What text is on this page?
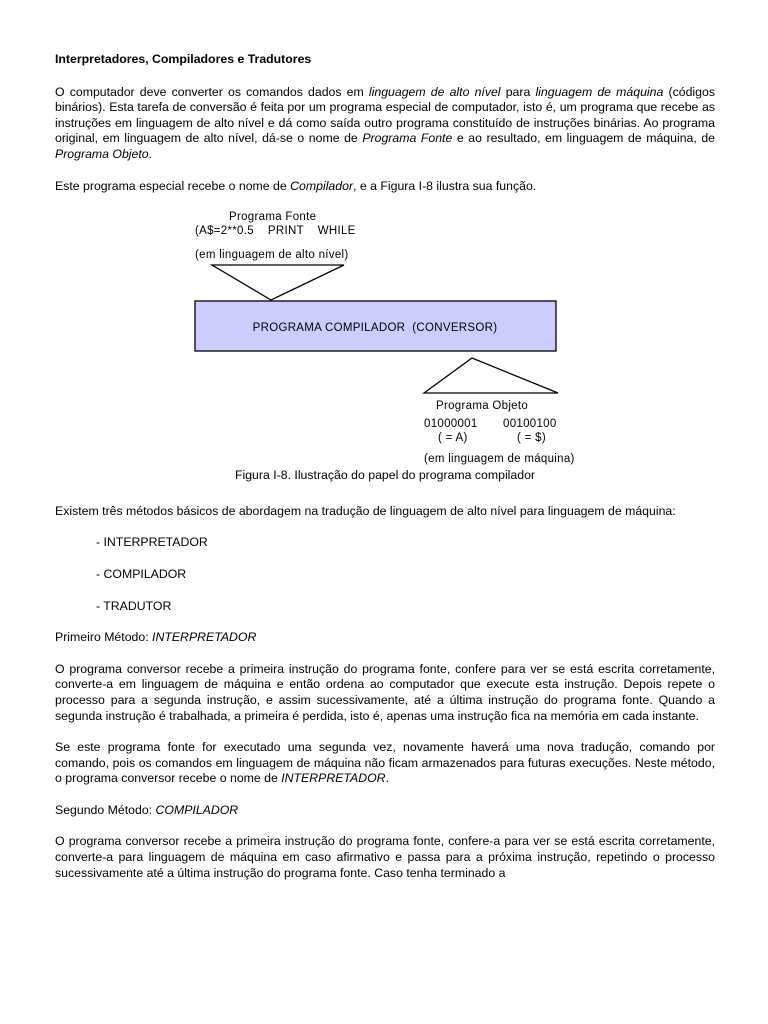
Interpretadores, Compiladores e Tradutores

O computador deve converter os comandos dados em linguagem de alto nível para linguagem de máquina (códigos binários). Esta tarefa de conversão é feita por um programa especial de computador, isto é, um programa que recebe as instruções em linguagem de alto nível e dá como saída outro programa constituído de instruções binárias. Ao programa original, em linguagem de alto nível, dá-se o nome de Programa Fonte e ao resultado, em linguagem de máquina, de Programa Objeto.

Este programa especial recebe o nome de Compilador, e a Figura I-8 ilustra sua função.

Programa Fonte
(A$=2**0.5    PRINT    WHILE
(em linguagem de alto nível)
PROGRAMA COMPILADOR  (CONVERSOR)
Programa Objeto
01000001 00100100
( = A)	( = $)
(em linguagem de máquina)

Figura I-8. Ilustração do papel do programa compilador

Existem três métodos básicos de abordagem na tradução de linguagem de alto nível para linguagem de máquina:

- INTERPRETADOR
- COMPILADOR
- TRADUTOR

Primeiro Método: INTERPRETADOR

O programa conversor recebe a primeira instrução do programa fonte, confere para ver se está escrita corretamente, converte-a em linguagem de máquina e então ordena ao computador que execute esta instrução. Depois repete o processo para a segunda instrução, e assim sucessivamente, até a última instrução do programa fonte. Quando a segunda instrução é trabalhada, a primeira é perdida, isto é, apenas uma instrução fica na memória em cada instante.

Se este programa fonte for executado uma segunda vez, novamente haverá uma nova tradução, comando por comando, pois os comandos em linguagem de máquina não ficam armazenados para futuras execuções. Neste método, o programa conversor recebe o nome de INTERPRETADOR.

Segundo Método: COMPILADOR

O programa conversor recebe a primeira instrução do programa fonte, confere-a para ver se está escrita corretamente, converte-a para linguagem de máquina em caso afirmativo e passa para a próxima instrução, repetindo o processo sucessivamente até a última instrução do programa fonte. Caso tenha terminado a
